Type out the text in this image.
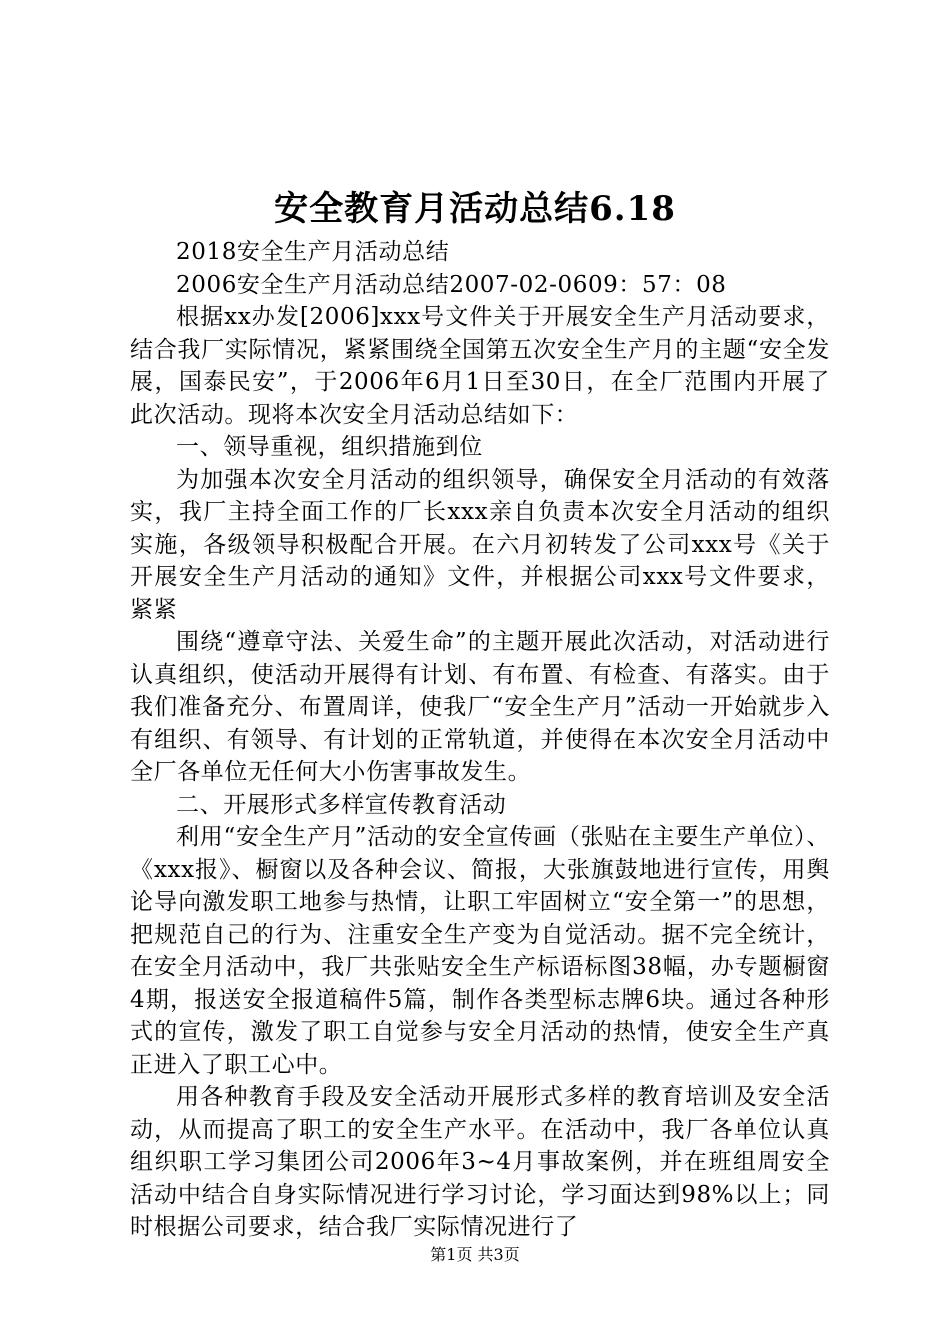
安全教育月活动总结6.18

2018安全生产月活动总结

2006安全生产月活动总结2007-02-0609：57：08

根据xx办发[2006]xxx号文件关于开展安全生产月活动要求，结合我厂实际情况，紧紧围绕全国第五次安全生产月的主题“安全发展，国泰民安”，于2006年6月1日至30日，在全厂范围内开展了此次活动。现将本次安全月活动总结如下：

一、领导重视，组织措施到位

为加强本次安全月活动的组织领导，确保安全月活动的有效落实，我厂主持全面工作的厂长xxx亲自负责本次安全月活动的组织实施，各级领导积极配合开展。在六月初转发了公司xxx号《关于开展安全生产月活动的通知》文件，并根据公司xxx号文件要求，紧紧

围绕“遵章守法、关爱生命”的主题开展此次活动，对活动进行认真组织，使活动开展得有计划、有布置、有检查、有落实。由于我们准备充分、布置周详，使我厂“安全生产月”活动一开始就步入有组织、有领导、有计划的正常轨道，并使得在本次安全月活动中全厂各单位无任何大小伤害事故发生。

二、开展形式多样宣传教育活动

利用“安全生产月”活动的安全宣传画（张贴在主要生产单位）、《xxx报》、橱窗以及各种会议、简报，大张旗鼓地进行宣传，用舆论导向激发职工地参与热情，让职工牢固树立“安全第一”的思想，把规范自己的行为、注重安全生产变为自觉活动。据不完全统计，在安全月活动中，我厂共张贴安全生产标语标图38幅，办专题橱窗4期，报送安全报道稿件5篇，制作各类型标志牌6块。通过各种形式的宣传，激发了职工自觉参与安全月活动的热情，使安全生产真正进入了职工心中。

用各种教育手段及安全活动开展形式多样的教育培训及安全活动，从而提高了职工的安全生产水平。在活动中，我厂各单位认真组织职工学习集团公司2006年3~4月事故案例，并在班组周安全活动中结合自身实际情况进行学习讨论，学习面达到98%以上；同时根据公司要求，结合我厂实际情况进行了

第1页 共3页
